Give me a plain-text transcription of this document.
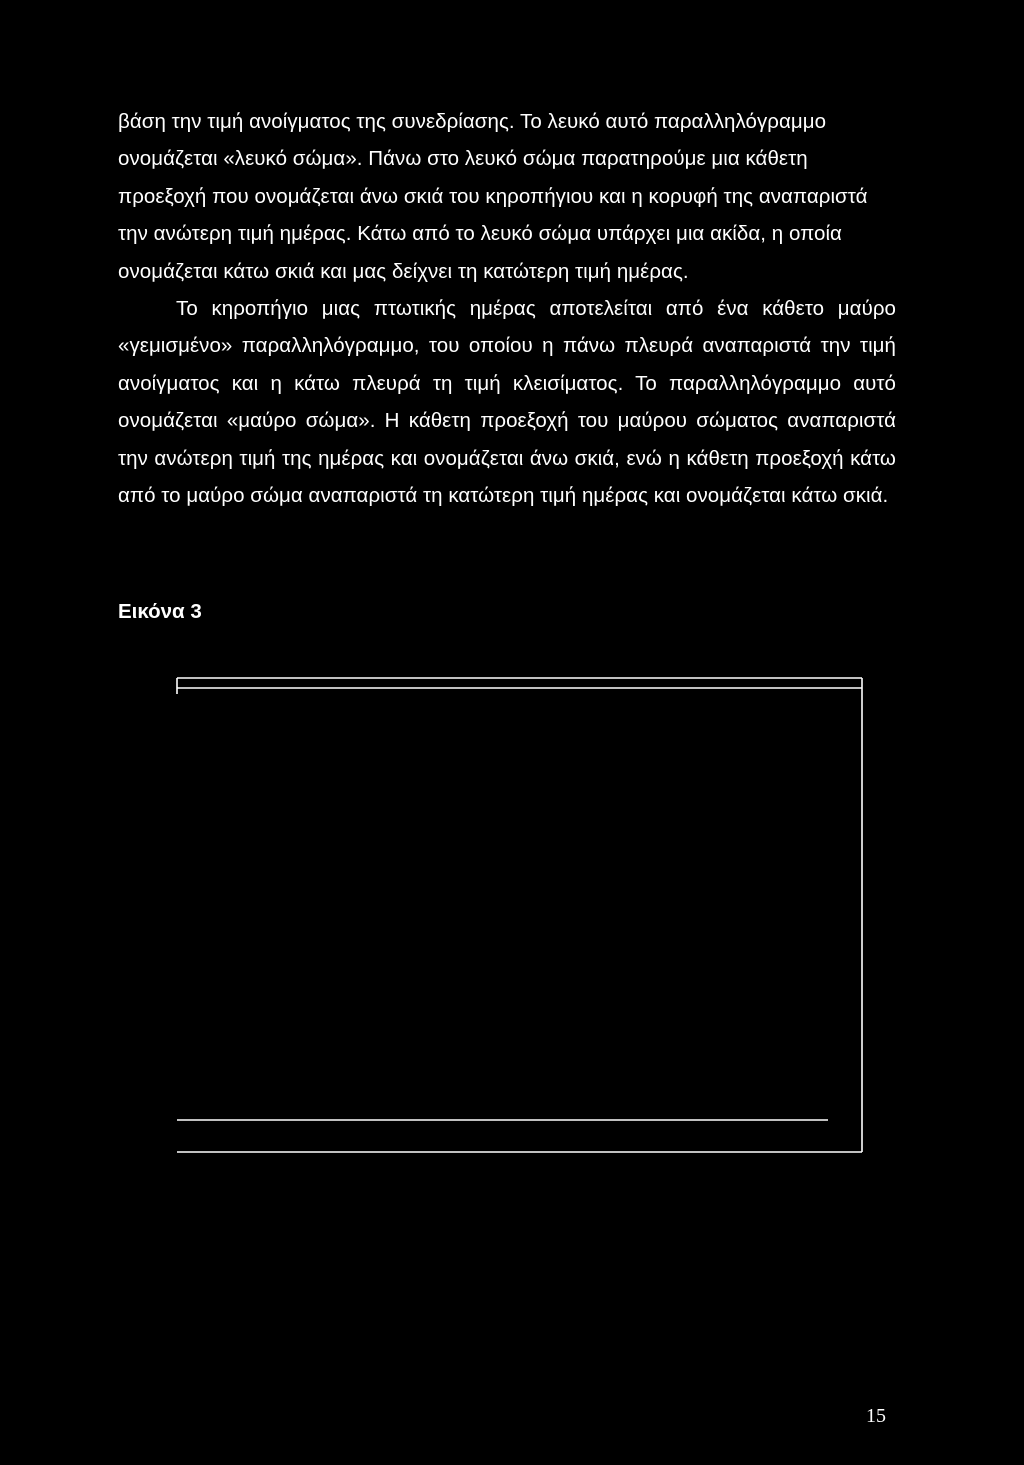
βάση την τιμή ανοίγματος της συνεδρίασης. Το λευκό αυτό παραλληλόγραμμο ονομάζεται «λευκό σώμα». Πάνω στο λευκό σώμα παρατηρούμε μια κάθετη προεξοχή που ονομάζεται άνω σκιά του κηροπήγιου και η κορυφή της αναπαριστά την ανώτερη τιμή ημέρας. Κάτω από το λευκό σώμα υπάρχει μια ακίδα, η οποία ονομάζεται κάτω σκιά και μας δείχνει τη κατώτερη τιμή ημέρας.

Το κηροπήγιο μιας πτωτικής ημέρας αποτελείται από ένα κάθετο μαύρο «γεμισμένο» παραλληλόγραμμο, του οποίου η πάνω πλευρά αναπαριστά την τιμή ανοίγματος και η κάτω πλευρά τη τιμή κλεισίματος. Το παραλληλόγραμμο αυτό ονομάζεται «μαύρο σώμα». Η κάθετη προεξοχή του μαύρου σώματος αναπαριστά την ανώτερη τιμή της ημέρας και ονομάζεται άνω σκιά, ενώ η κάθετη προεξοχή κάτω από το μαύρο σώμα αναπαριστά τη κατώτερη τιμή ημέρας και ονομάζεται κάτω σκιά.

Εικόνα 3
15
